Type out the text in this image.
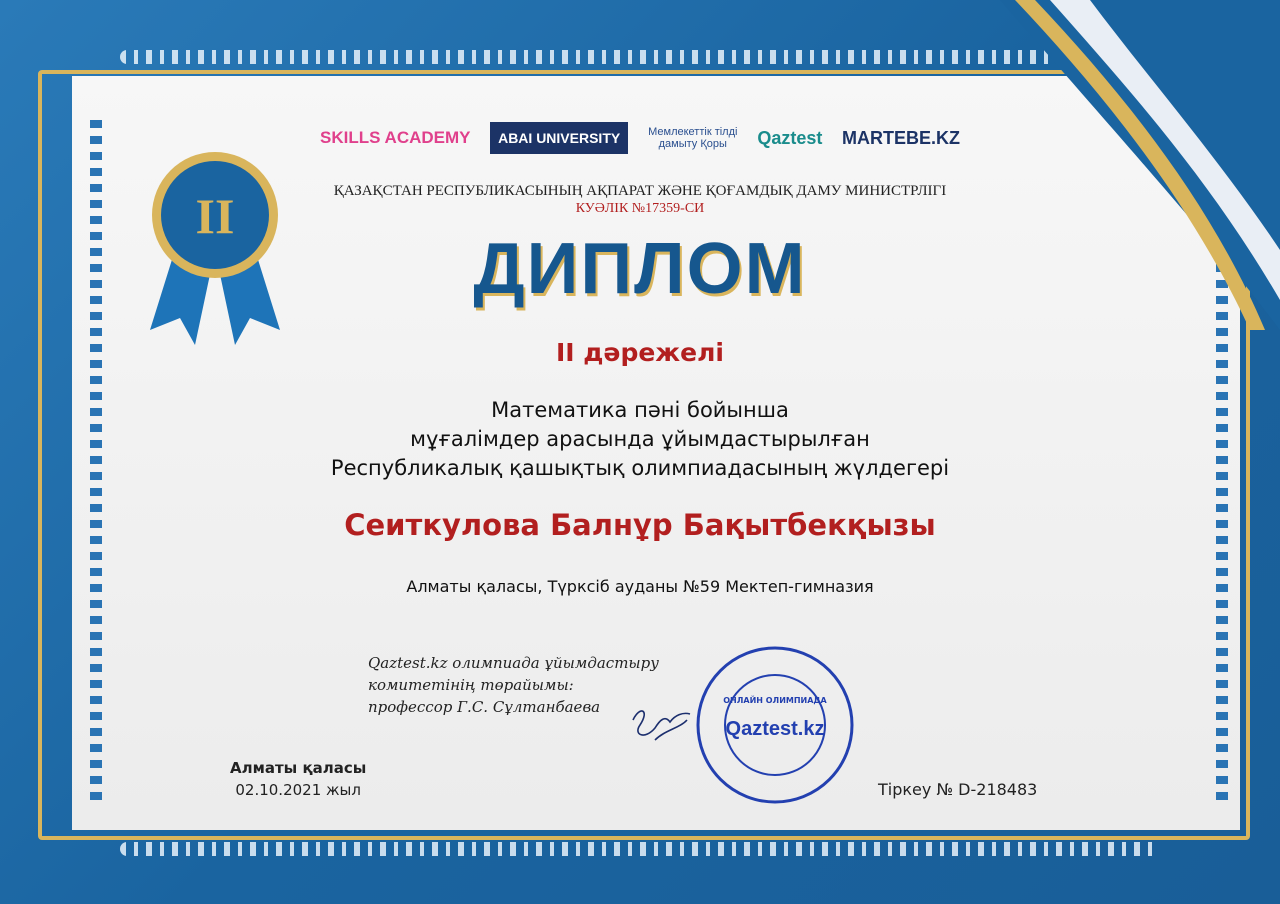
II
SKILLS ACADEMY	ABAI UNIVERSITY	Мемлекеттік тілді дамыту Қоры	Qaztest MARTEBE.KZ
ҚАЗАҚСТАН РЕСПУБЛИКАСЫНЫҢ АҚПАРАТ ЖӘНЕ ҚОҒАМДЫҚ ДАМУ МИНИСТРЛІГІ
КУӘЛІК №17359-СИ
ДИПЛОМ
II дәрежелі
Математика пәні бойынша
мұғалімдер арасында ұйымдастырылған
Республикалық қашықтық олимпиадасының жүлдегері
Сеиткулова Балнұр Бақытбекқызы
Алматы қаласы, Түрксіб ауданы №59 Мектеп-гимназия
Qaztest.kz олимпиада ұйымдастыру
комитетінің төрайымы:
профессор Г.С. Сұлтанбаева	ОНЛАЙН ОЛИМПИАДА
Qaztest.kz
Алматы қаласы
02.10.2021 жыл	Тіркеу № D-218483
